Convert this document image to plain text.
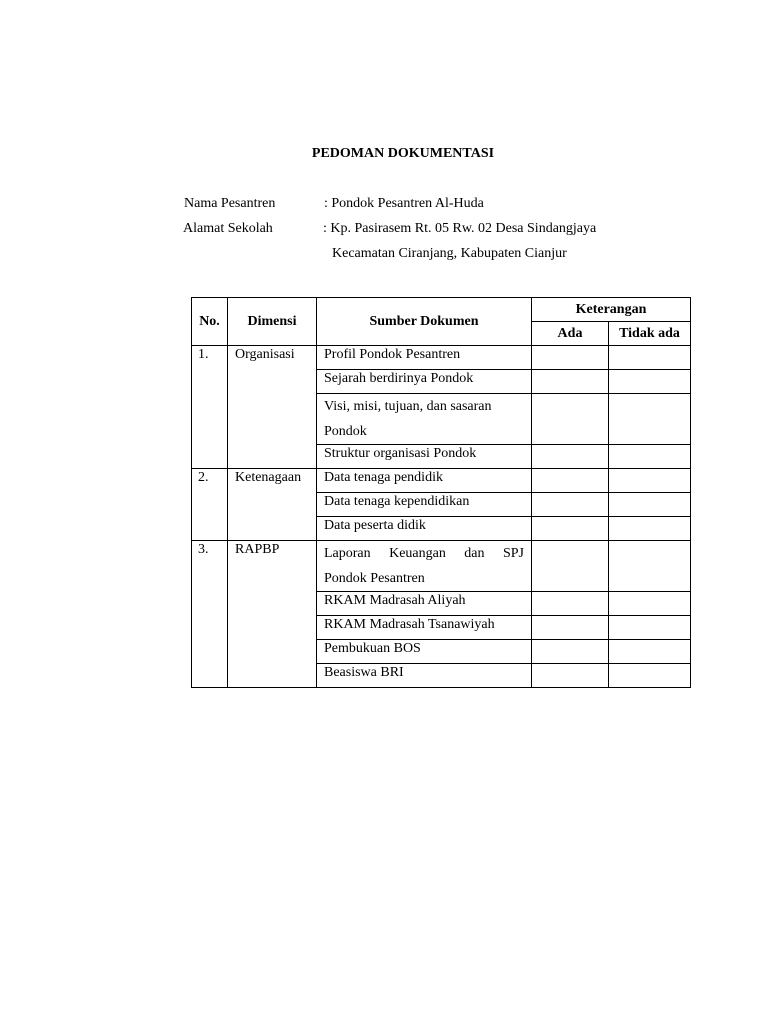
PEDOMAN DOKUMENTASI
Nama Pesantren	: Pondok Pesantren Al-Huda
Alamat Sekolah	: Kp. Pasirasem Rt. 05 Rw. 02 Desa Sindangjaya
Kecamatan Ciranjang, Kabupaten Cianjur
No.	Dimensi	Sumber Dokumen	Keterangan	
			Ada	Tidak ada
1.	Organisasi	Profil Pondok Pesantren		
		Sejarah berdirinya Pondok		
		Visi, misi, tujuan, dan sasaran Pondok		
		Struktur organisasi Pondok		
2.	Ketenagaan	Data tenaga pendidik		
		Data tenaga kependidikan		
		Data peserta didik		
3.	RAPBP	Laporan Keuangan dan SPJ
Pondok Pesantren		
		RKAM Madrasah Aliyah		
		RKAM Madrasah Tsanawiyah		
		Pembukuan BOS		
		Beasiswa BRI		
